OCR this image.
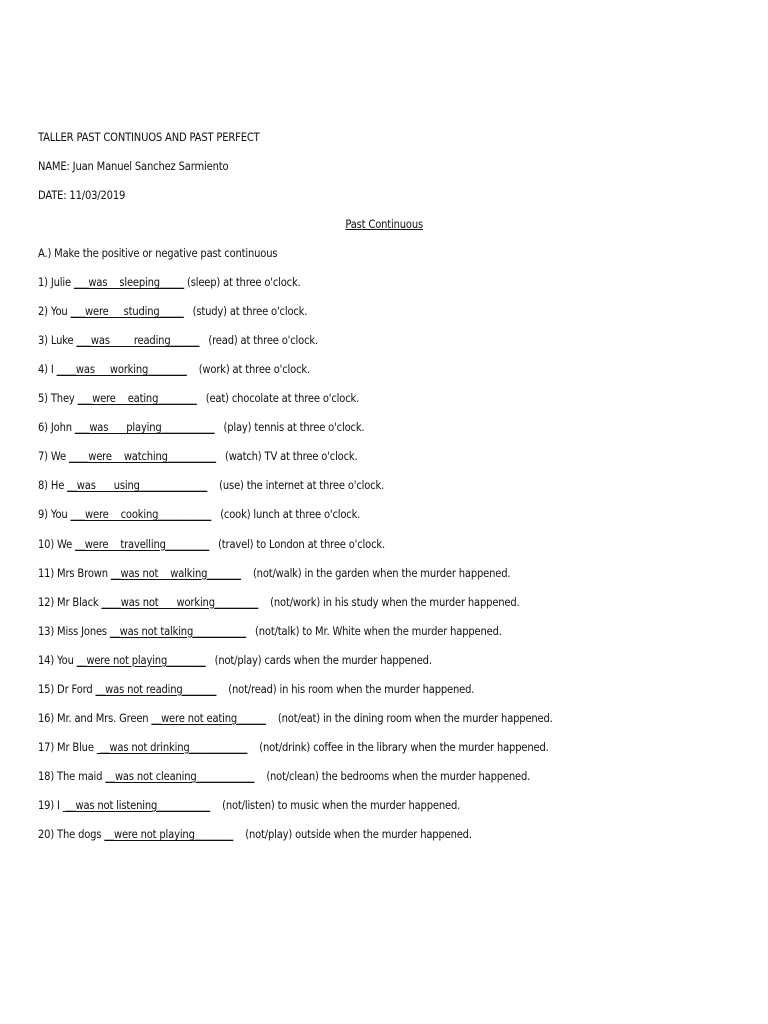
TALLER PAST CONTINUOS AND PAST PERFECT
NAME: Juan Manuel Sanchez Sarmiento
DATE: 11/03/2019
Past Continuous
A.) Make the positive or negative past continuous
1) Julie ___was    sleeping_____ (sleep) at three o'clock.
2) You ___were     studing_____   (study) at three o'clock.
3) Luke ___was        reading______   (read) at three o'clock.
4) I ____was     working________    (work) at three o'clock.
5) They ___were    eating________   (eat) chocolate at three o'clock.
6) John ___was      playing___________   (play) tennis at three o'clock.
7) We ____were    watching__________   (watch) TV at three o'clock.
8) He __was      using______________    (use) the internet at three o'clock.
9) You ___were    cooking___________   (cook) lunch at three o'clock.
10) We __were    travelling_________   (travel) to London at three o'clock.
11) Mrs Brown __was not    walking_______    (not/walk) in the garden when the murder happened.
12) Mr Black ____was not      working_________    (not/work) in his study when the murder happened.
13) Miss Jones __was not talking___________   (not/talk) to Mr. White when the murder happened.
14) You __were not playing________   (not/play) cards when the murder happened.
15) Dr Ford __was not reading_______    (not/read) in his room when the murder happened.
16) Mr. and Mrs. Green __were not eating______    (not/eat) in the dining room when the murder happened.
17) Mr Blue  __was not drinking____________    (not/drink) coffee in the library when the murder happened.
18) The maid __was not cleaning____________    (not/clean) the bedrooms when the murder happened.
19) I  __was not listening___________    (not/listen) to music when the murder happened.
20) The dogs __were not playing________    (not/play) outside when the murder happened.
